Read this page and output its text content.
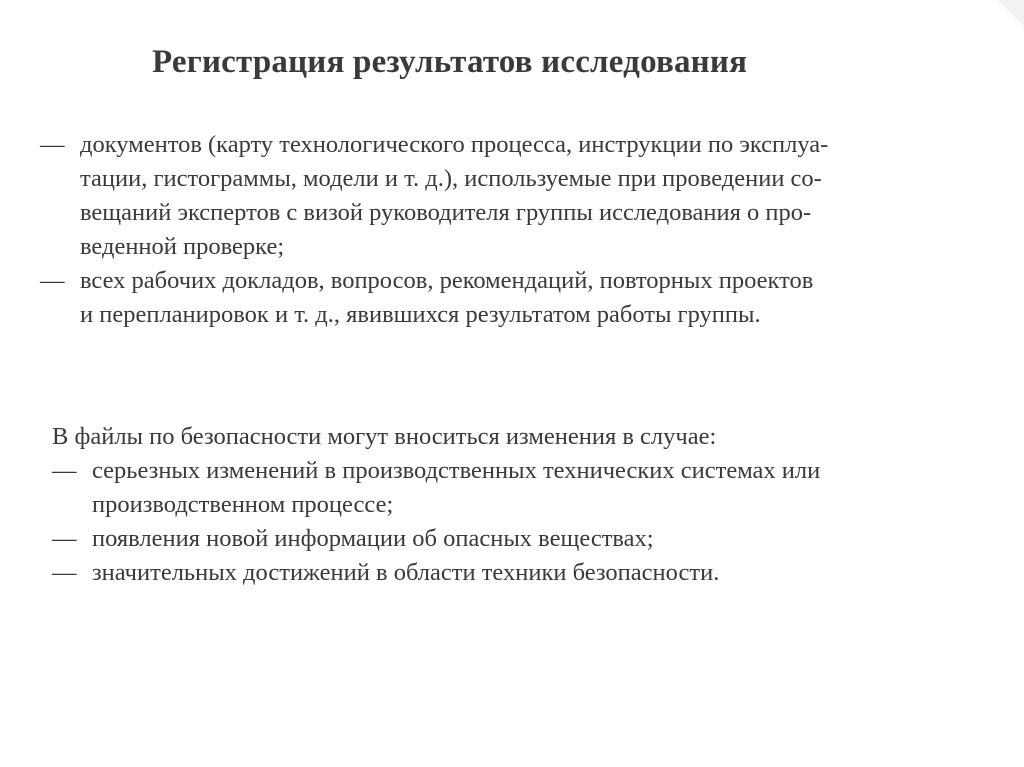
Регистрация результатов исследования
— документов (карту технологического процесса, инструкции по эксплуа-
тации, гистограммы, модели и т. д.), используемые при проведении со-
вещаний экспертов с визой руководителя группы исследования о про-
веденной проверке;
— всех рабочих докладов, вопросов, рекомендаций, повторных проектов
и перепланировок и т. д., явившихся результатом работы группы.
В файлы по безопасности могут вноситься изменения в случае:
— серьезных изменений в производственных технических системах или
производственном процессе;
— появления новой информации об опасных веществах;
— значительных достижений в области техники безопасности.
